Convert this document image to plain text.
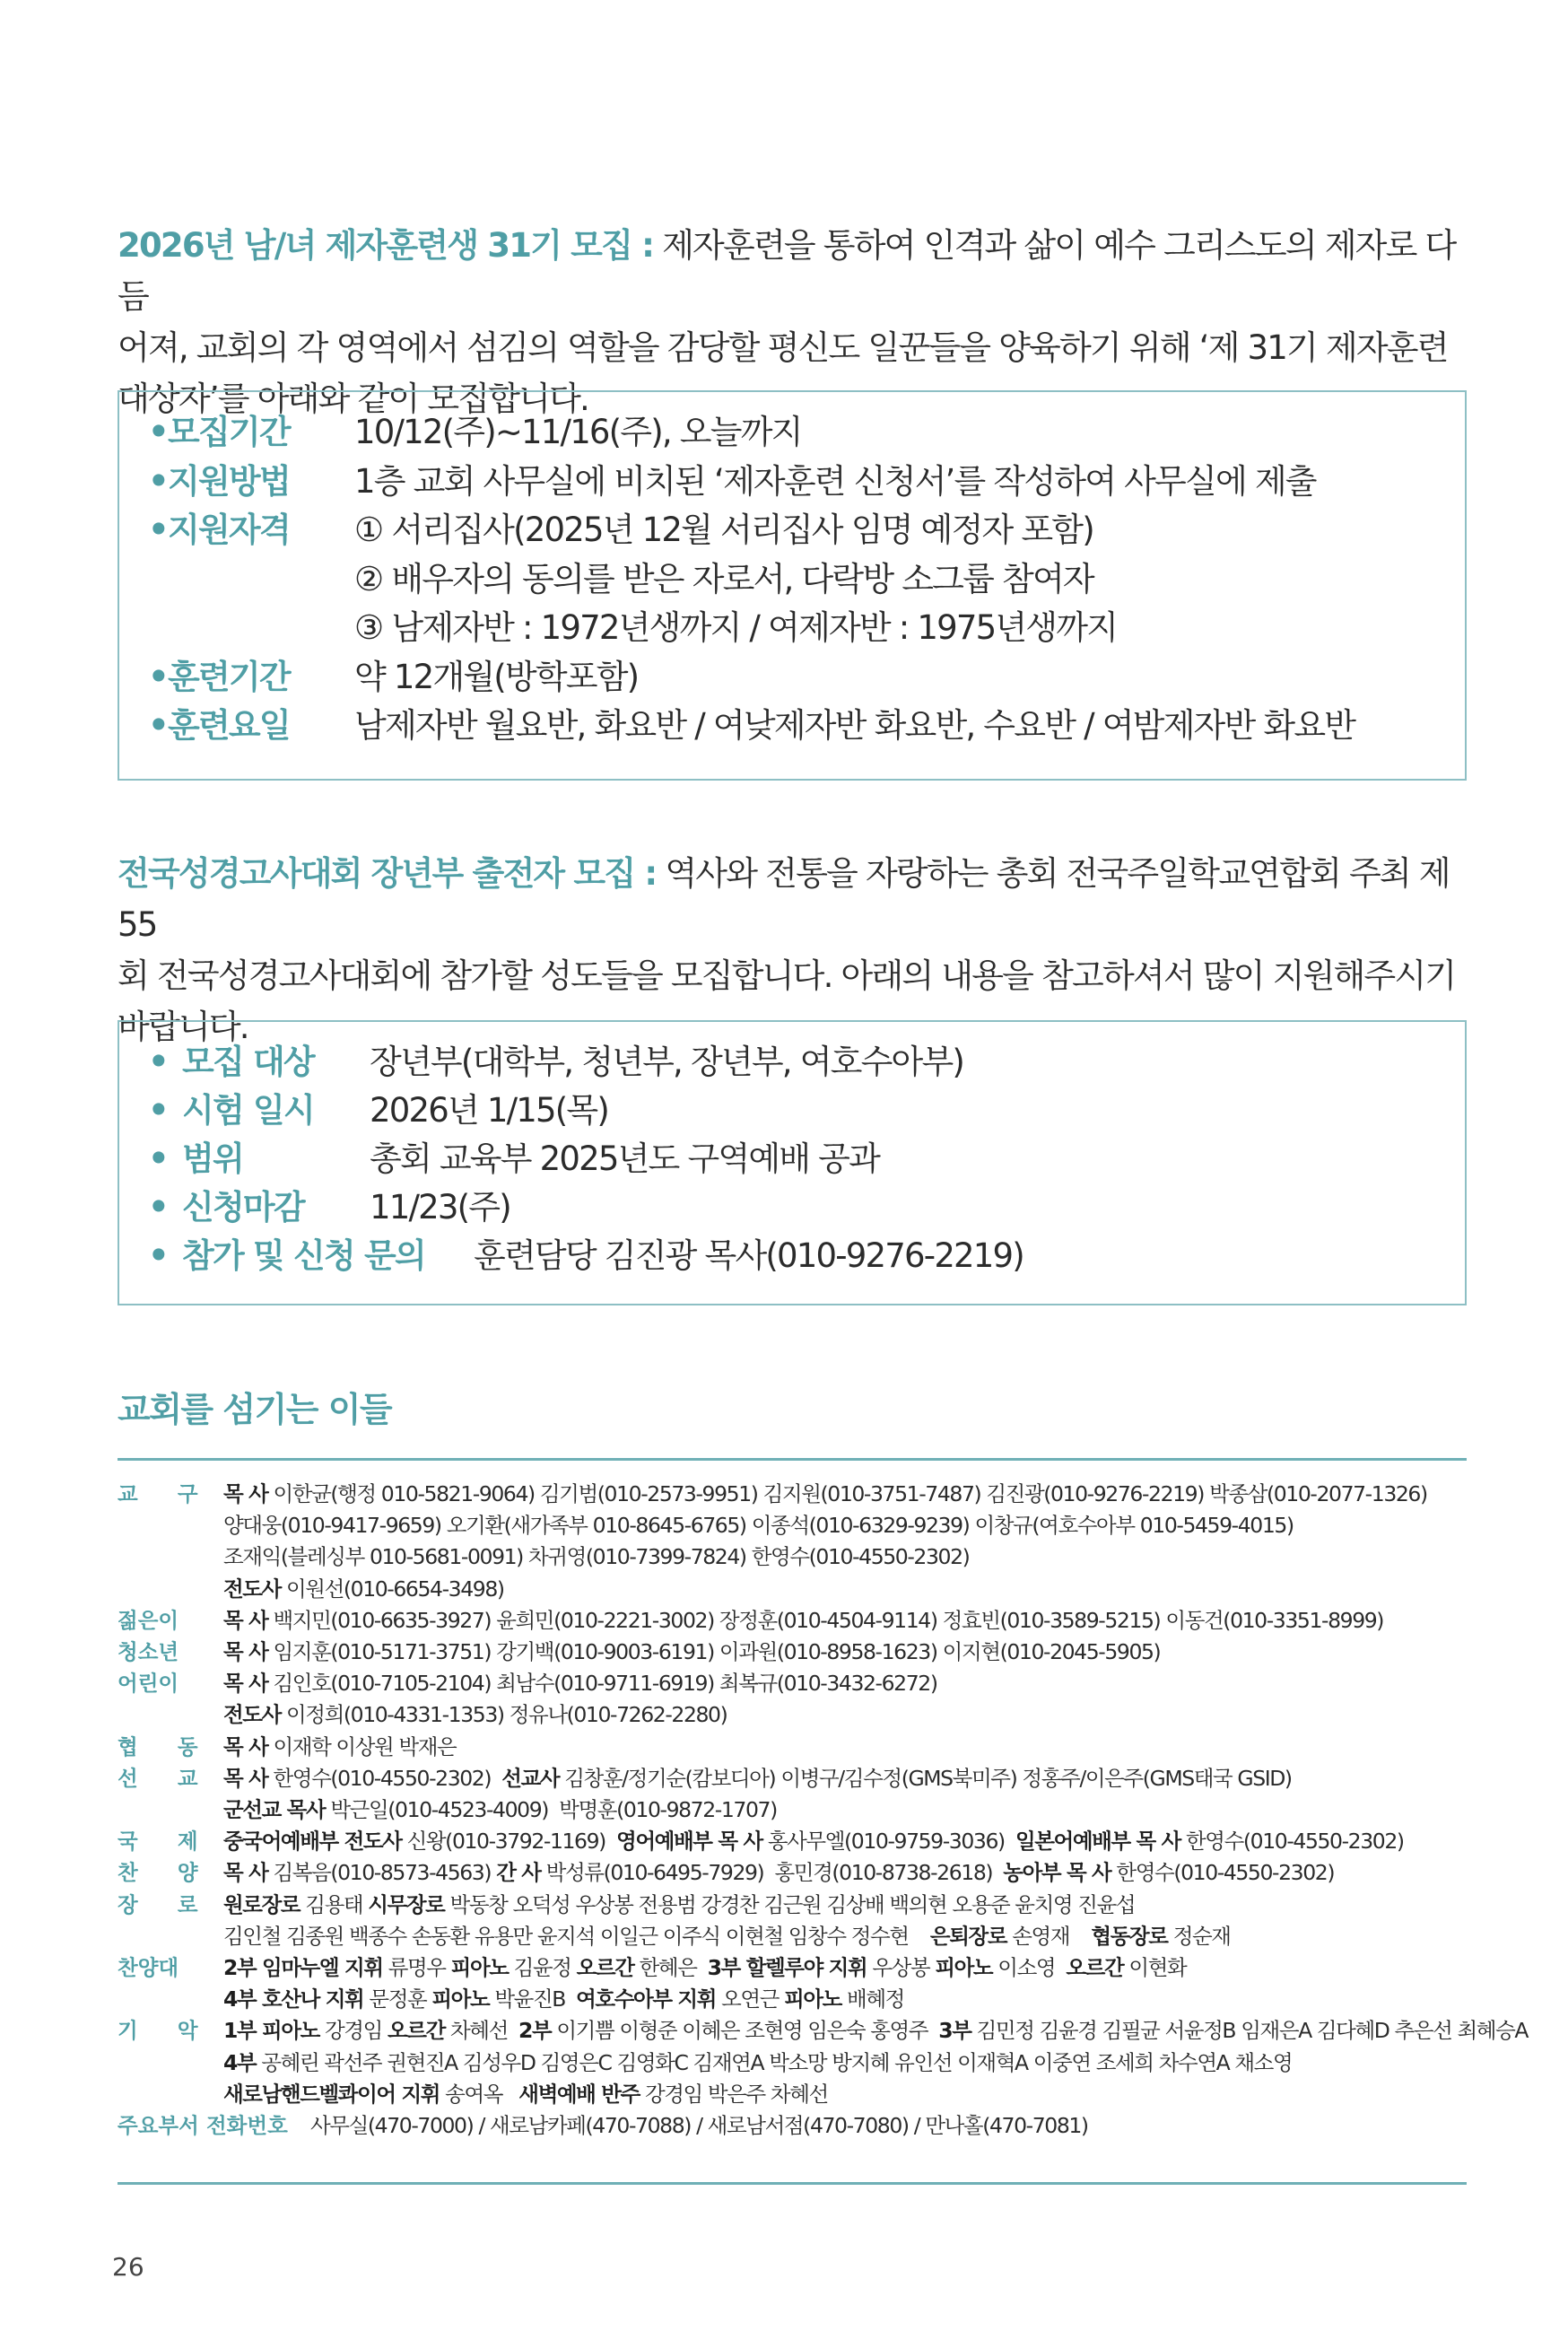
2026년 남/녀 제자훈련생 31기 모집 : 제자훈련을 통하여 인격과 삶이 예수 그리스도의 제자로 다듬
어져, 교회의 각 영역에서 섬김의 역할을 감당할 평신도 일꾼들을 양육하기 위해 ‘제 31기 제자훈련
대상자’를 아래와 같이 모집합니다.
• 모집기간 10/12(주)~11/16(주), 오늘까지
• 지원방법 1층 교회 사무실에 비치된 ‘제자훈련 신청서’를 작성하여 사무실에 제출
• 지원자격 ① 서리집사(2025년 12월 서리집사 임명 예정자 포함)
② 배우자의 동의를 받은 자로서, 다락방 소그룹 참여자
③ 남제자반 : 1972년생까지 / 여제자반 : 1975년생까지
• 훈련기간 약 12개월(방학포함)
• 훈련요일 남제자반 월요반, 화요반 / 여낮제자반 화요반, 수요반 / 여밤제자반 화요반
전국성경고사대회 장년부 출전자 모집 : 역사와 전통을 자랑하는 총회 전국주일학교연합회 주최 제55
회 전국성경고사대회에 참가할 성도들을 모집합니다. 아래의 내용을 참고하셔서 많이 지원해주시기
바랍니다.
• 모집 대상 장년부(대학부, 청년부, 장년부, 여호수아부)
• 시험 일시 2026년 1/15(목)
• 범위	총회 교육부 2025년도 구역예배 공과
• 신청마감 11/23(주)
• 참가 및 신청 문의 훈련담당 김진광 목사(010-9276-2219)
교회를 섬기는 이들
교 구 목 사 이한균(행정 010-5821-9064) 김기범(010-2573-9951) 김지원(010-3751-7487) 김진광(010-9276-2219) 박종삼(010-2077-1326)
양대웅(010-9417-9659) 오기환(새가족부 010-8645-6765) 이종석(010-6329-9239) 이창규(여호수아부 010-5459-4015)
조재익(블레싱부 010-5681-0091) 차귀영(010-7399-7824) 한영수(010-4550-2302)
전도사 이원선(010-6654-3498)
젊은이	목 사 백지민(010-6635-3927) 윤희민(010-2221-3002) 장정훈(010-4504-9114) 정효빈(010-3589-5215) 이동건(010-3351-8999)
청소년	목 사 임지훈(010-5171-3751) 강기백(010-9003-6191) 이과원(010-8958-1623) 이지현(010-2045-5905)
어린이	목 사 김인호(010-7105-2104) 최남수(010-9711-6919) 최복규(010-3432-6272)
전도사 이정희(010-4331-1353) 정유나(010-7262-2280)
협 동 목 사 이재학 이상원 박재은
선 교 목 사 한영수(010-4550-2302)  선교사 김창훈/정기순(캄보디아) 이병구/김수정(GMS북미주) 정홍주/이은주(GMS태국 GSID)
군선교 목사 박근일(010-4523-4009)  박명훈(010-9872-1707)
국 제 중국어예배부 전도사 신왕(010-3792-1169)  영어예배부 목 사 홍사무엘(010-9759-3036)  일본어예배부 목 사 한영수(010-4550-2302)
찬 양 목 사 김복음(010-8573-4563) 간 사 박성류(010-6495-7929)  홍민경(010-8738-2618)  농아부 목 사 한영수(010-4550-2302)
장 로 원로장로 김용태 시무장로 박동창 오덕성 우상봉 전용범 강경찬 김근원 김상배 백의현 오용준 윤치영 진윤섭
김인철 김종원 백종수 손동환 유용만 윤지석 이일근 이주식 이현철 임창수 정수현    은퇴장로 손영재    협동장로 정순재
찬양대	2부 임마누엘 지휘 류명우 피아노 김윤정 오르간 한혜은  3부 할렐루야 지휘 우상봉 피아노 이소영  오르간 이현화
4부 호산나 지휘 문정훈 피아노 박윤진B  여호수아부 지휘 오연근 피아노 배혜정
기 악 1부 피아노 강경임 오르간 차혜선  2부 이기쁨 이형준 이혜은 조현영 임은숙 홍영주  3부 김민정 김윤경 김필균 서윤정B 임재은A 김다혜D 추은선 최혜승A
4부 공혜린 곽선주 권현진A 김성우D 김영은C 김영화C 김재연A 박소망 방지혜 유인선 이재혁A 이중연 조세희 차수연A 채소영
새로남핸드벨콰이어 지휘 송여옥   새벽예배 반주 강경임 박은주 차혜선
주요부서 전화번호 사무실(470-7000) / 새로남카페(470-7088) / 새로남서점(470-7080) / 만나홀(470-7081)
26
